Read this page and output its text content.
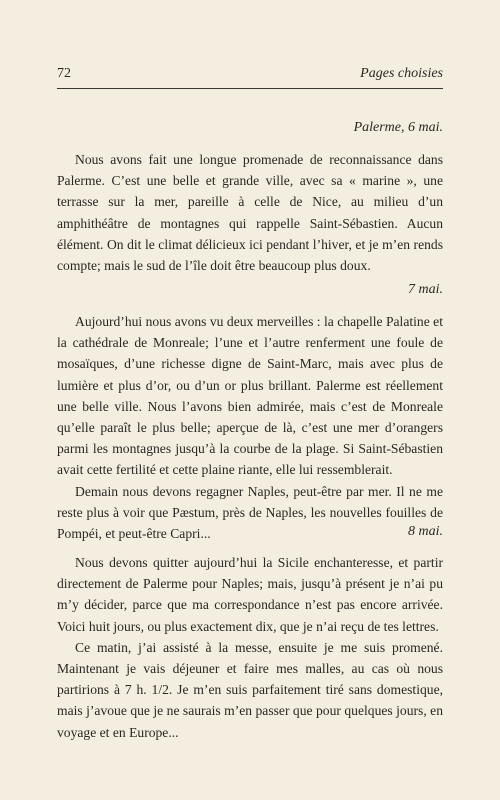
72	Pages choisies
Palerme, 6 mai.

Nous avons fait une longue promenade de reconnaissance dans Palerme. C’est une belle et grande ville, avec sa « marine », une terrasse sur la mer, pareille à celle de Nice, au milieu d’un amphithéâtre de montagnes qui rappelle Saint-Sébastien. Aucun élément. On dit le climat délicieux ici pendant l’hiver, et je m’en rends compte; mais le sud de l’île doit être beaucoup plus doux.

7 mai.

Aujourd’hui nous avons vu deux merveilles : la chapelle Palatine et la cathédrale de Monreale; l’une et l’autre renferment une foule de mosaïques, d’une richesse digne de Saint-Marc, mais avec plus de lumière et plus d’or, ou d’un or plus brillant. Palerme est réellement une belle ville. Nous l’avons bien admirée, mais c’est de Monreale qu’elle paraît le plus belle; aperçue de là, c’est une mer d’orangers parmi les montagnes jusqu’à la courbe de la plage. Si Saint-Sébastien avait cette fertilité et cette plaine riante, elle lui ressemblerait.

Demain nous devons regagner Naples, peut-être par mer. Il ne me reste plus à voir que Pæstum, près de Naples, les nouvelles fouilles de Pompéi, et peut-être Capri...	8 mai.

Nous devons quitter aujourd’hui la Sicile enchanteresse, et partir directement de Palerme pour Naples; mais, jusqu’à présent je n’ai pu m’y décider, parce que ma correspondance n’est pas encore arrivée. Voici huit jours, ou plus exactement dix, que je n’ai reçu de tes lettres.

Ce matin, j’ai assisté à la messe, ensuite je me suis promené. Maintenant je vais déjeuner et faire mes malles, au cas où nous partirions à 7 h. 1/2. Je m’en suis parfaitement tiré sans domestique, mais j’avoue que je ne saurais m’en passer que pour quelques jours, en voyage et en Europe...
